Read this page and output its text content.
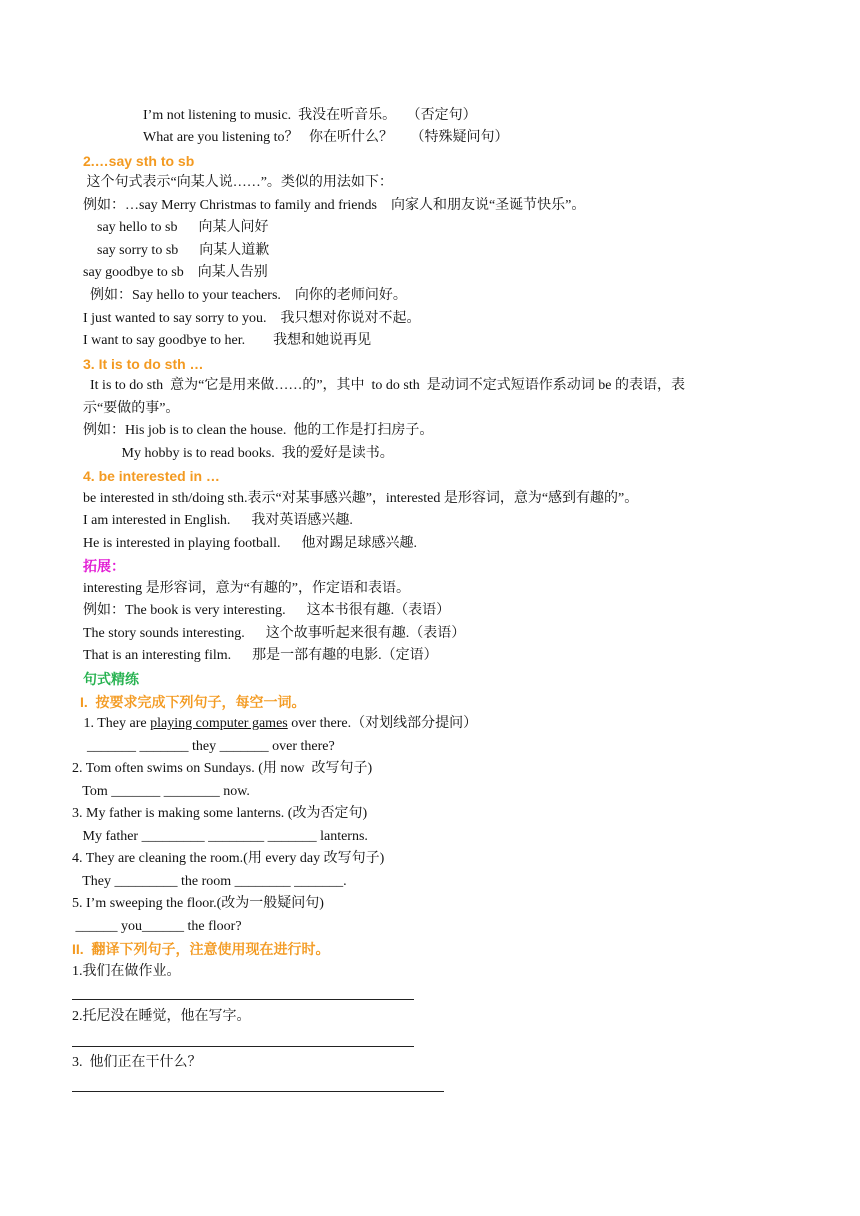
I’m not listening to music.  我没在听音乐。   （否定句）
What are you listening to？   你在听什么？     （特殊疑问句）
2.…say sth to sb
这个句式表示“向某人说……”。类似的用法如下：
例如：…say Merry Christmas to family and friends    向家人和朋友说“圣诞节快乐”。
say hello to sb      向某人问好
say sorry to sb      向某人道歉
say goodbye to sb    向某人告别
例如：Say hello to your teachers.    向你的老师问好。
I just wanted to say sorry to you.    我只想对你说对不起。
I want to say goodbye to her.        我想和她说再见
3. It is to do sth …
It is to do sth  意为“它是用来做……的”，其中  to do sth  是动词不定式短语作系动词 be 的表语，表
示“要做的事”。
例如：His job is to clean the house.  他的工作是打扫房子。
My hobby is to read books.  我的爱好是读书。
4. be interested in …
be interested in sth/doing sth.表示“对某事感兴趣”，interested 是形容词，意为“感到有趣的”。
I am interested in English.      我对英语感兴趣.
He is interested in playing football.      他对踢足球感兴趣.
拓展：
interesting 是形容词，意为“有趣的”，作定语和表语。
例如：The book is very interesting.      这本书很有趣.（表语）
The story sounds interesting.      这个故事听起来很有趣.（表语）
That is an interesting film.      那是一部有趣的电影.（定语）
句式精练
I.  按要求完成下列句子，每空一词。
1. They are playing computer games over there.（对划线部分提问）
_______ _______ they _______ over there?
2. Tom often swims on Sundays. (用 now  改写句子)
Tom _______ ________ now.
3. My father is making some lanterns. (改为否定句)
My father _________ ________ _______ lanterns.
4. They are cleaning the room.(用 every day 改写句子)
They _________ the room ________ _______.
5. I’m sweeping the floor.(改为一般疑问句)
______ you______ the floor?
II.  翻译下列句子，注意使用现在进行时。
1.我们在做作业。
2.托尼没在睡觉，他在写字。
3.  他们正在干什么？
